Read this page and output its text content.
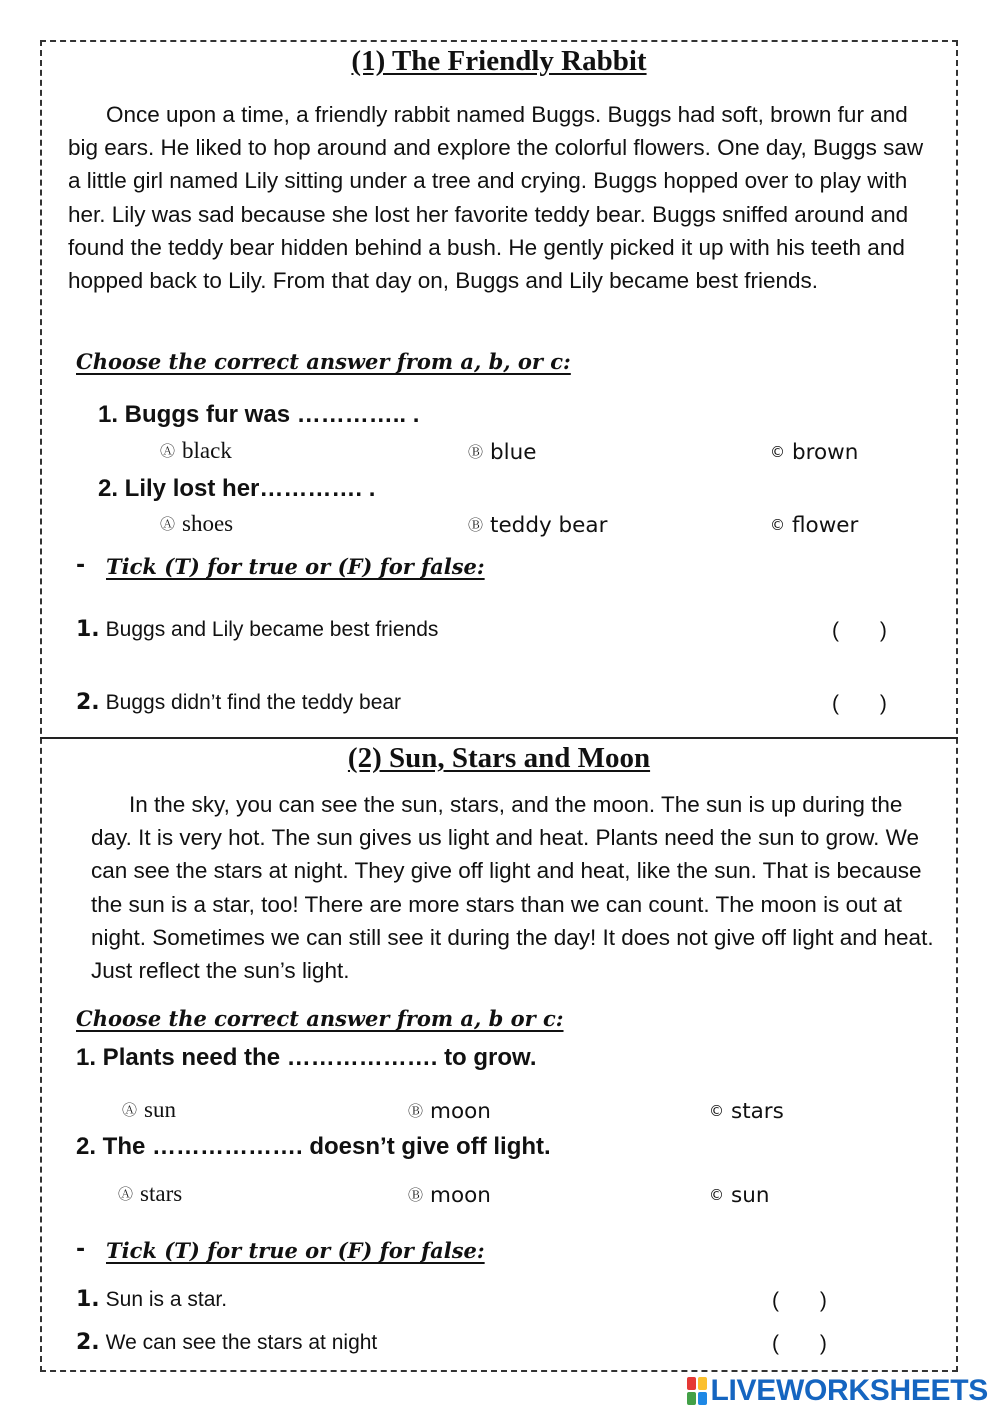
(1) The Friendly Rabbit

Once upon a time, a friendly rabbit named Buggs. Buggs had soft, brown fur and big ears. He liked to hop around and explore the colorful flowers. One day, Buggs saw a little girl named Lily sitting under a tree and crying. Buggs hopped over to play with her. Lily was sad because she lost her favorite teddy bear. Buggs sniffed around and found the teddy bear hidden behind a bush. He gently picked it up with his teeth and hopped back to Lily. From that day on, Buggs and Lily became best friends.

Choose the correct answer from a, b, or c:
1. Buggs fur was ………….. .
Ⓐ black	Ⓑ blue	© brown
2. Lily lost her…………. .
Ⓐ shoes	Ⓑ teddy bear	© flower
- Tick (T) for true or (F) for false:
1. Buggs and Lily became best friends	(       )
2. Buggs didn’t find the teddy bear	(       )
(2) Sun, Stars and Moon

In the sky, you can see the sun, stars, and the moon. The sun is up during the day. It is very hot. The sun gives us light and heat. Plants need the sun to grow. We can see the stars at night. They give off light and heat, like the sun. That is because the sun is a star, too! There are more stars than we can count. The moon is out at night. Sometimes we can still see it during the day! It does not give off light and heat. Just reflect the sun’s light.

Choose the correct answer from a, b or c:
1. Plants need the ………………. to grow.
Ⓐ sun	Ⓑ moon	© stars
2. The ………………. doesn’t give off light.
Ⓐ stars	Ⓑ moon	© sun
- Tick (T) for true or (F) for false:
1. Sun is a star.	(       )
2. We can see the stars at night	(       )
LIVEWORKSHEETS
